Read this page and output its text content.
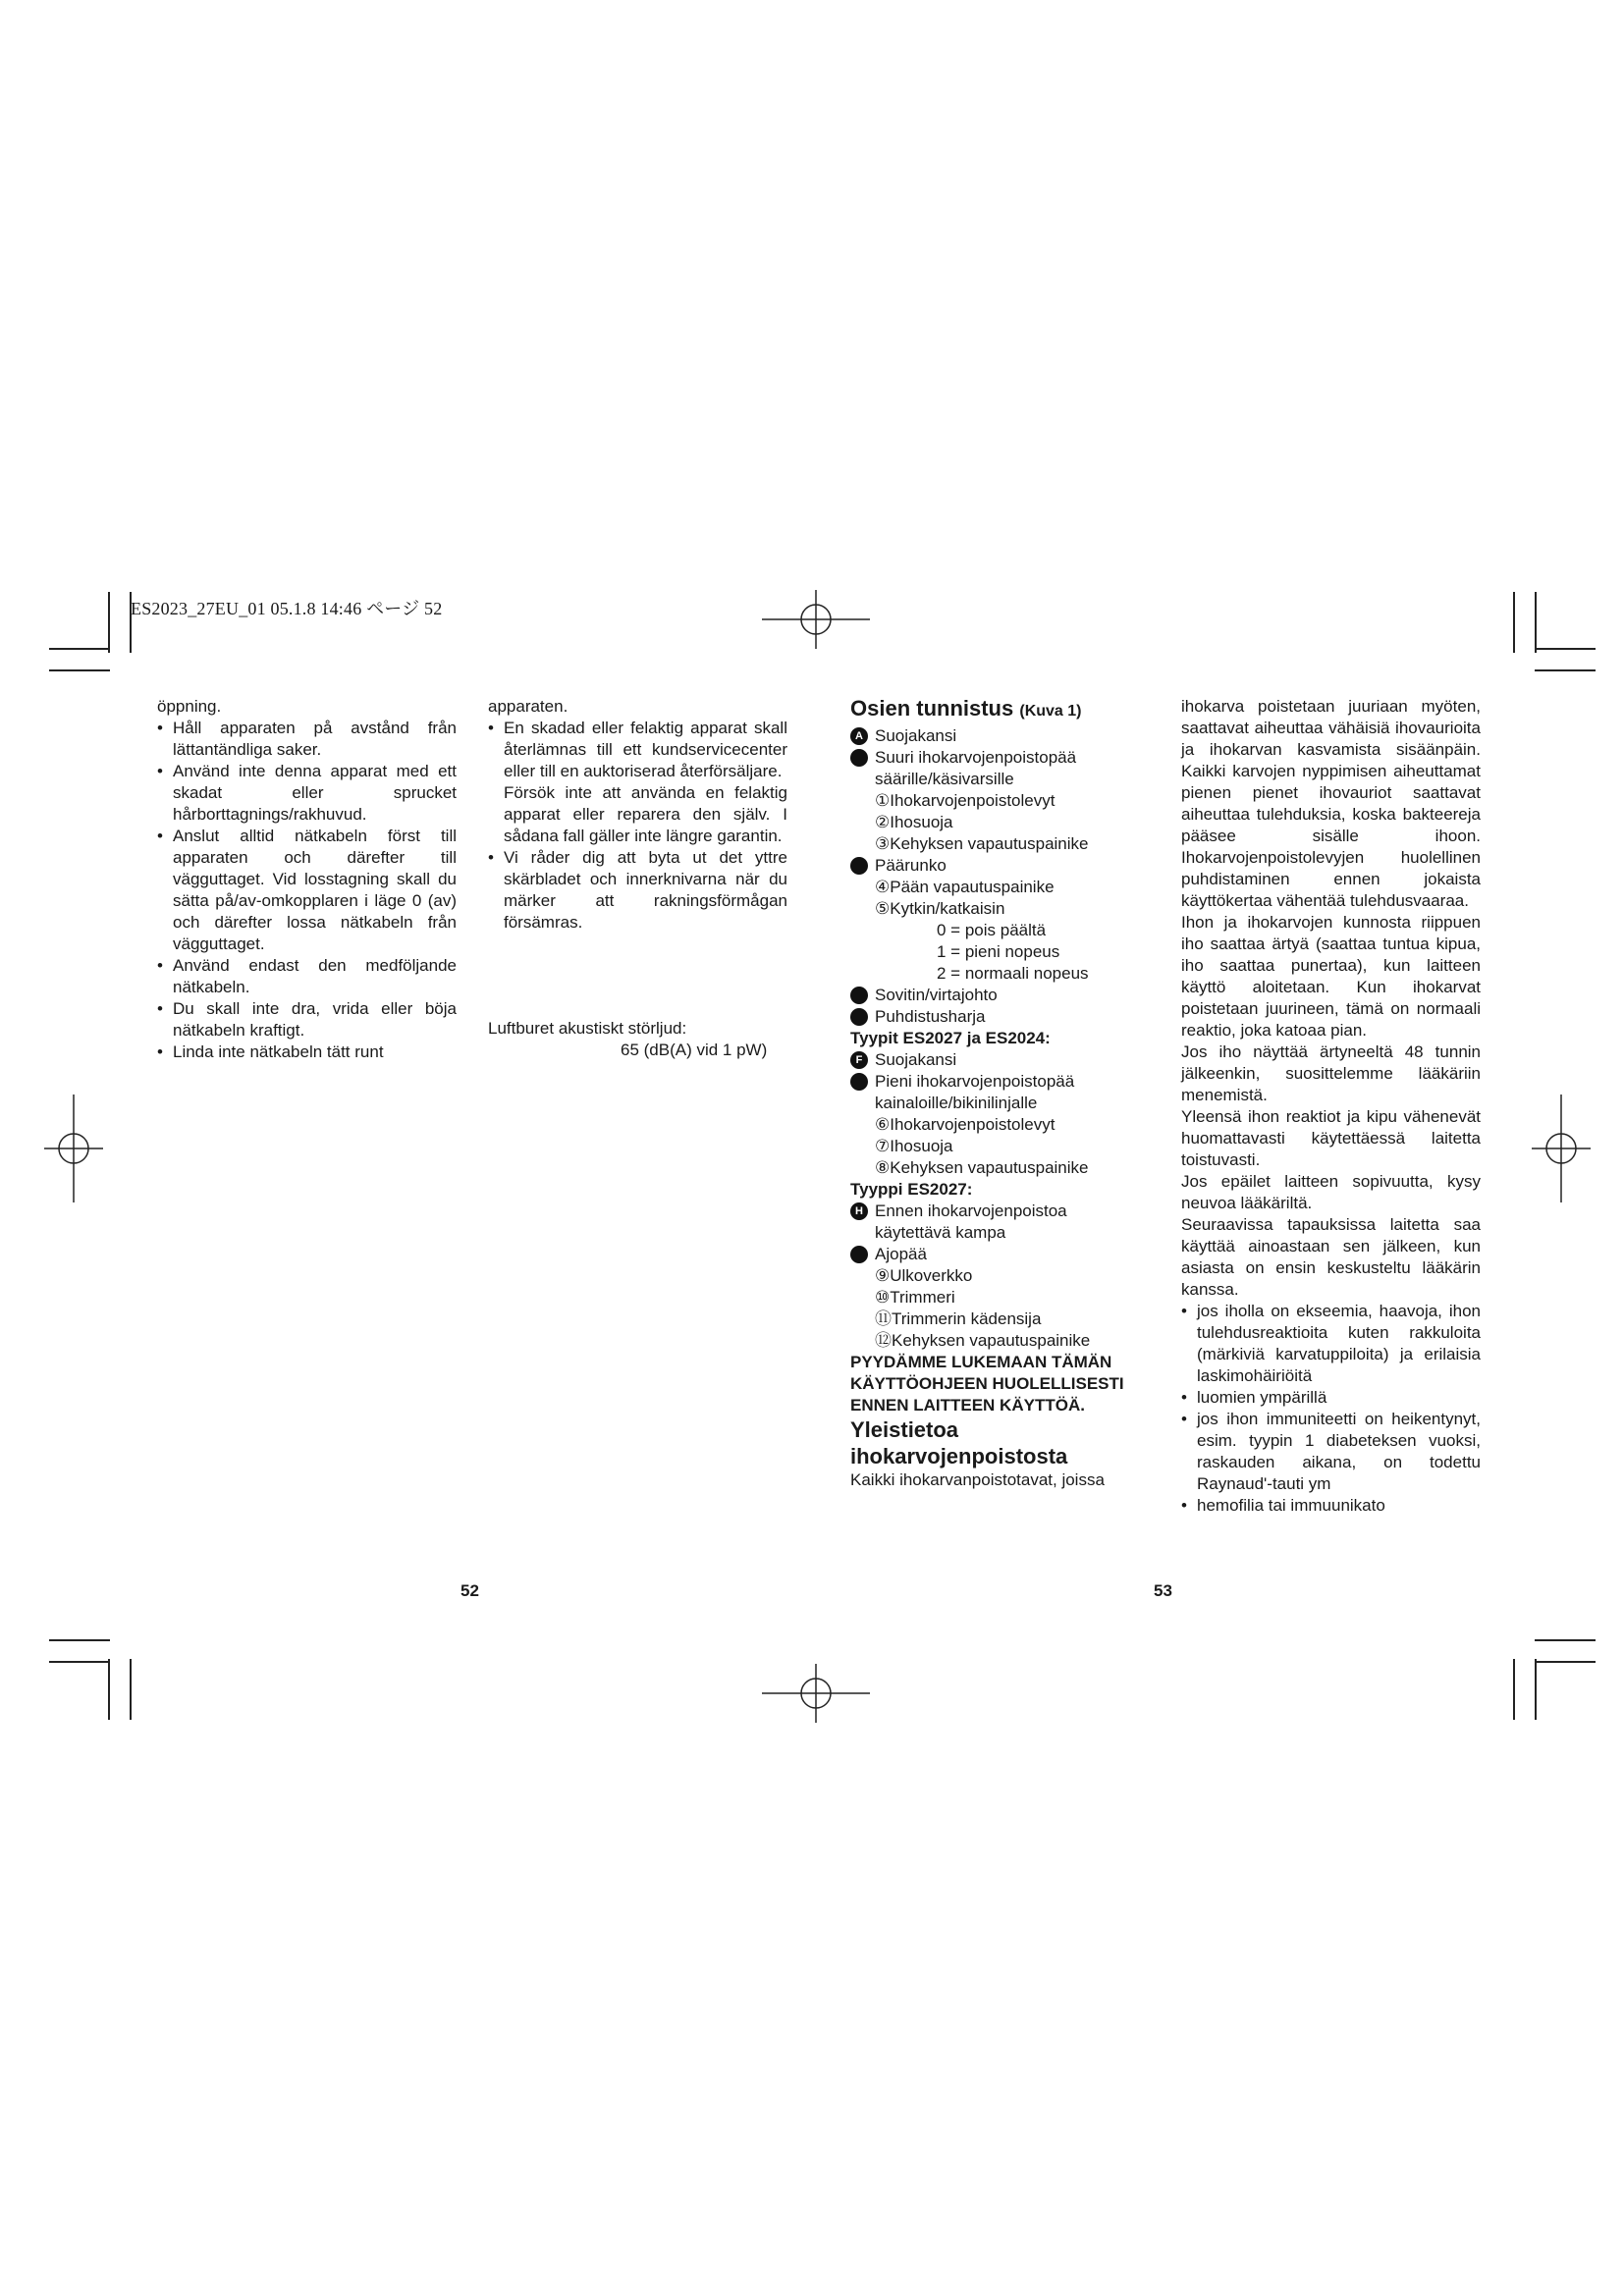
ES2023_27EU_01 05.1.8 14:46 ページ 52

öppning.

• Håll apparaten på avstånd från lättantändliga saker.

• Använd inte denna apparat med ett skadat eller sprucket hårborttagnings/rakhuvud.

• Anslut alltid nätkabeln först till apparaten och därefter till vägguttaget. Vid losstagning skall du sätta på/av-omkopplaren i läge 0 (av) och därefter lossa nätkabeln från vägguttaget.

• Använd endast den medföljande nätkabeln.

• Du skall inte dra, vrida eller böja nätkabeln kraftigt.

• Linda inte nätkabeln tätt runt

apparaten.

• En skadad eller felaktig apparat skall återlämnas till ett kundservicecenter eller till en auktoriserad återförsäljare.

Försök inte att använda en felaktig apparat eller reparera den själv. I sådana fall gäller inte längre garantin.

• Vi råder dig att byta ut det yttre skärbladet och innerknivarna när du märker att rakningsförmågan försämras.

Luftburet akustiskt störljud:
65 (dB(A) vid 1 pW)

Osien tunnistus (Kuva 1)

A Suojakansi

Suuri ihokarvojenpoistopää säärille/käsivarsille

①Ihokarvojenpoistolevyt

②Ihosuoja

③Kehyksen vapautuspainike

Päärunko

④Pään vapautuspainike

⑤Kytkin/katkaisin

0 = pois päältä

1 = pieni nopeus

2 = normaali nopeus

Sovitin/virtajohto

Puhdistusharja

Tyypit ES2027 ja ES2024:

F Suojakansi

Pieni ihokarvojenpoistopää kainaloille/bikinilinjalle

⑥Ihokarvojenpoistolevyt

⑦Ihosuoja

⑧Kehyksen vapautuspainike

Tyyppi ES2027:

H Ennen ihokarvojenpoistoa käytettävä kampa

Ajopää

⑨Ulkoverkko

⑩Trimmeri

⑪Trimmerin kädensija

⑫Kehyksen vapautuspainike

PYYDÄMME LUKEMAAN TÄMÄN KÄYTTÖOHJEEN HUOLELLISESTI ENNEN LAITTEEN KÄYTTÖÄ.

Yleistietoa ihokarvojenpoistosta

Kaikki ihokarvanpoistotavat, joissa

ihokarva poistetaan juuriaan myöten, saattavat aiheuttaa vähäisiä ihovaurioita ja ihokarvan kasvamista sisäänpäin. Kaikki karvojen nyppimisen aiheuttamat pienen pienet ihovauriot saattavat aiheuttaa tulehduksia, koska bakteereja pääsee sisälle ihoon. Ihokarvojenpoistolevyjen huolellinen puhdistaminen ennen jokaista käyttökertaa vähentää tulehdusvaaraa.

Ihon ja ihokarvojen kunnosta riippuen iho saattaa ärtyä (saattaa tuntua kipua, iho saattaa punertaa), kun laitteen käyttö aloitetaan. Kun ihokarvat poistetaan juurineen, tämä on normaali reaktio, joka katoaa pian.

Jos iho näyttää ärtyneeltä 48 tunnin jälkeenkin, suosittelemme lääkäriin menemistä.

Yleensä ihon reaktiot ja kipu vähenevät huomattavasti käytettäessä laitetta toistuvasti.

Jos epäilet laitteen sopivuutta, kysy neuvoa lääkäriltä.

Seuraavissa tapauksissa laitetta saa käyttää ainoastaan sen jälkeen, kun asiasta on ensin keskusteltu lääkärin kanssa.

• jos iholla on ekseemia, haavoja, ihon tulehdusreaktioita kuten rakkuloita (märkiviä karvatuppiloita) ja erilaisia laskimohäiriöitä

• luomien ympärillä

• jos ihon immuniteetti on heikentynyt, esim. tyypin 1 diabeteksen vuoksi, raskauden aikana, on todettu Raynaud'-tauti ym

• hemofilia tai immuunikato

52	53
